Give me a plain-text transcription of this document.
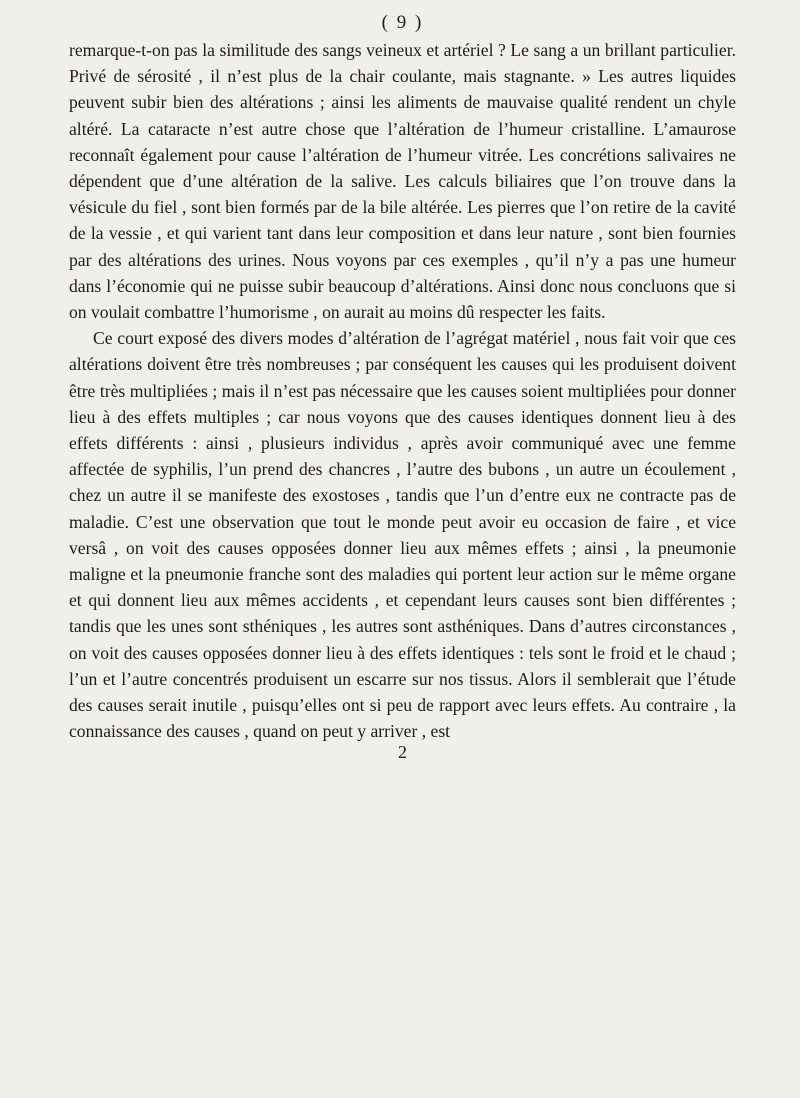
( 9 )

remarque-t-on pas la similitude des sangs veineux et artériel ? Le sang a un brillant particulier. Privé de sérosité , il n’est plus de la chair coulante, mais stagnante. » Les autres liquides peuvent subir bien des altérations ; ainsi les aliments de mauvaise qualité rendent un chyle altéré. La cataracte n’est autre chose que l’altération de l’humeur cristalline. L’amaurose reconnaît également pour cause l’altération de l’humeur vitrée. Les concrétions salivaires ne dépendent que d’une altération de la salive. Les calculs biliaires que l’on trouve dans la vésicule du fiel , sont bien formés par de la bile altérée. Les pierres que l’on retire de la cavité de la vessie , et qui varient tant dans leur composition et dans leur nature , sont bien fournies par des altérations des urines. Nous voyons par ces exemples , qu’il n’y a pas une humeur dans l’économie qui ne puisse subir beaucoup d’altérations. Ainsi donc nous concluons que si on voulait combattre l’humorisme , on aurait au moins dû respecter les faits.

Ce court exposé des divers modes d’altération de l’agrégat matériel , nous fait voir que ces altérations doivent être très nombreuses ; par conséquent les causes qui les produisent doivent être très multipliées ; mais il n’est pas nécessaire que les causes soient multipliées pour donner lieu à des effets multiples ; car nous voyons que des causes identiques donnent lieu à des effets différents : ainsi , plusieurs individus , après avoir communiqué avec une femme affectée de syphilis, l’un prend des chancres , l’autre des bubons , un autre un écoulement , chez un autre il se manifeste des exostoses , tandis que l’un d’entre eux ne contracte pas de maladie. C’est une observation que tout le monde peut avoir eu occasion de faire , et vice versâ , on voit des causes opposées donner lieu aux mêmes effets ; ainsi , la pneumonie maligne et la pneumonie franche sont des maladies qui portent leur action sur le même organe et qui donnent lieu aux mêmes accidents , et cependant leurs causes sont bien différentes ; tandis que les unes sont sthéniques , les autres sont asthéniques. Dans d’autres circonstances , on voit des causes opposées donner lieu à des effets identiques : tels sont le froid et le chaud ; l’un et l’autre concentrés produisent un escarre sur nos tissus. Alors il semblerait que l’étude des causes serait inutile , puisqu’elles ont si peu de rapport avec leurs effets. Au contraire , la connaissance des causes , quand on peut y arriver , est

2
